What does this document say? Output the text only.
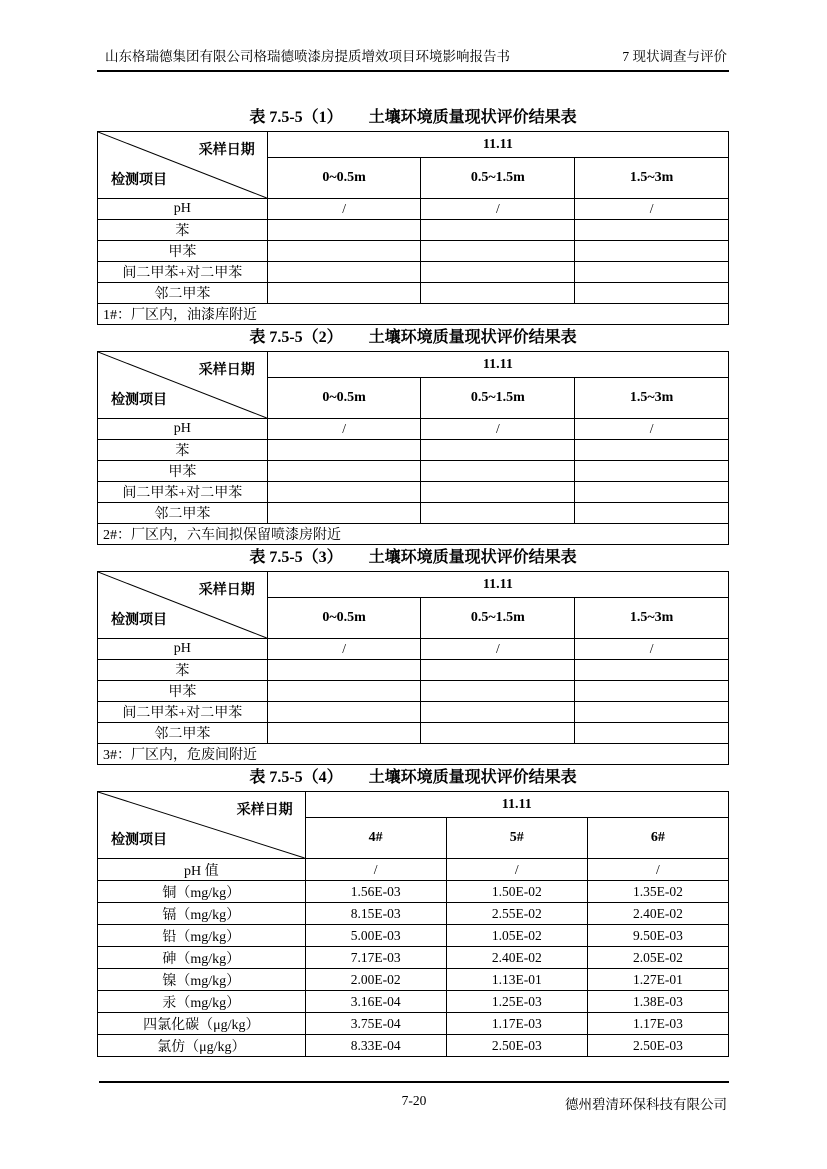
山东格瑞德集团有限公司格瑞德喷漆房提质增效项目环境影响报告书	7 现状调查与评价
表 7.5-5（1） 土壤环境质量现状评价结果表
采样日期
检测项目	11.11		
	0~0.5m	0.5~1.5m	1.5~3m
pH	/	/	/
苯			
甲苯			
间二甲苯+对二甲苯			
邻二甲苯			
1#：厂区内，油漆库附近			
表 7.5-5（2） 土壤环境质量现状评价结果表
采样日期
检测项目	11.11		
	0~0.5m	0.5~1.5m	1.5~3m
pH	/	/	/
苯			
甲苯			
间二甲苯+对二甲苯			
邻二甲苯			
2#：厂区内，六车间拟保留喷漆房附近			
表 7.5-5（3） 土壤环境质量现状评价结果表
采样日期
检测项目	11.11		
	0~0.5m	0.5~1.5m	1.5~3m
pH	/	/	/
苯			
甲苯			
间二甲苯+对二甲苯			
邻二甲苯			
3#：厂区内，危废间附近			
表 7.5-5（4） 土壤环境质量现状评价结果表
采样日期
检测项目	11.11		
	4#	5#	6#
pH 值	/	/	/
铜（mg/kg）	1.56E-03	1.50E-02	1.35E-02
镉（mg/kg）	8.15E-03	2.55E-02	2.40E-02
铅（mg/kg）	5.00E-03	1.05E-02	9.50E-03
砷（mg/kg）	7.17E-03	2.40E-02	2.05E-02
镍（mg/kg）	2.00E-02	1.13E-01	1.27E-01
汞（mg/kg）	3.16E-04	1.25E-03	1.38E-03
四氯化碳（μg/kg）	3.75E-04	1.17E-03	1.17E-03
氯仿（μg/kg）	8.33E-04	2.50E-03	2.50E-03
7-20	德州碧清环保科技有限公司
